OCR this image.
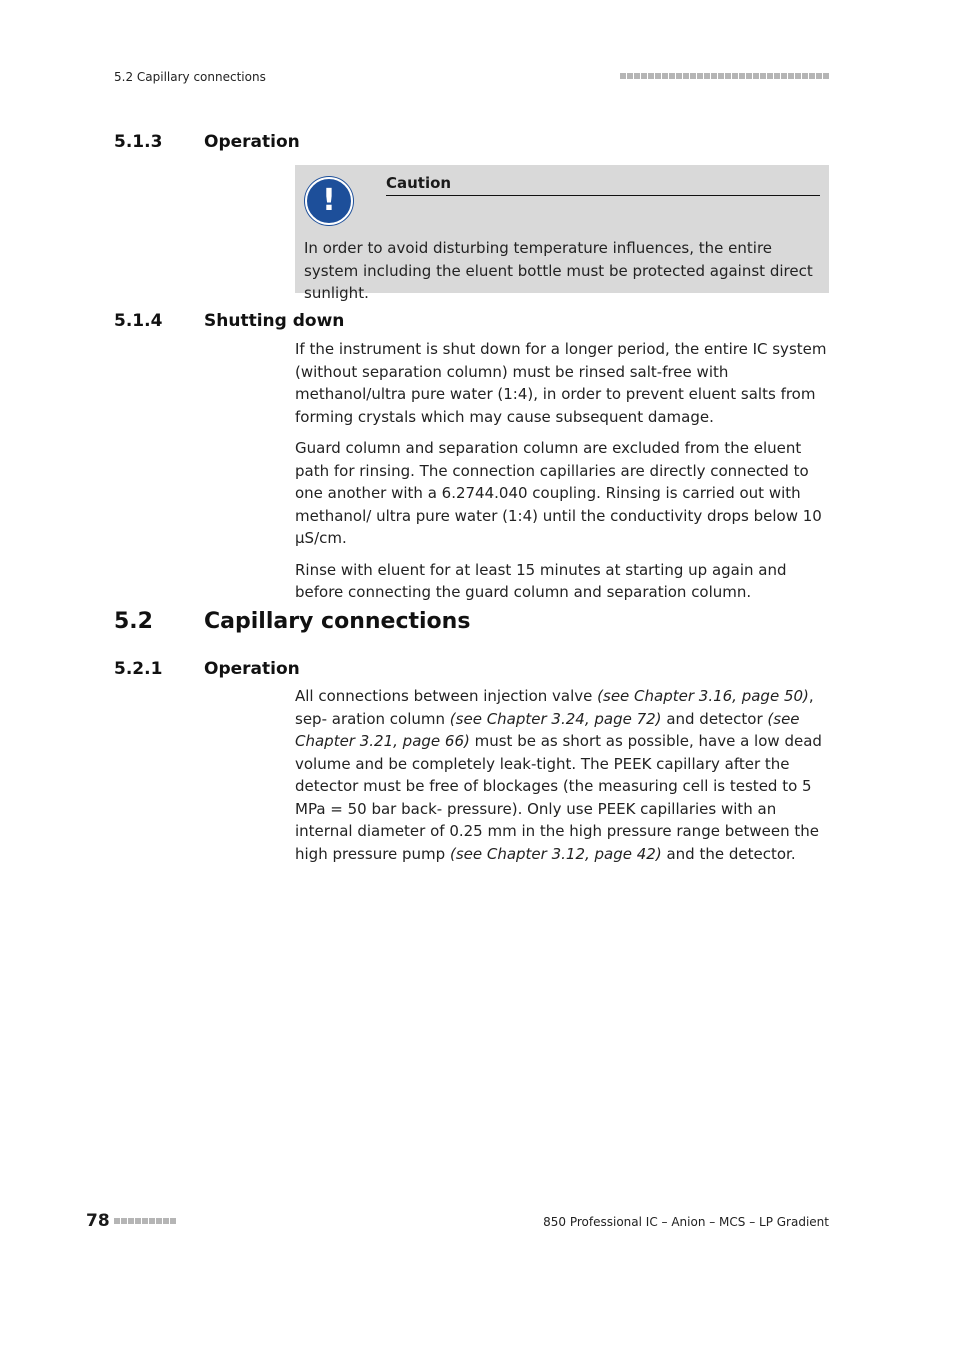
5.2 Capillary connections
5.1.3 Operation
!	Caution
In order to avoid disturbing temperature influences, the entire system including the eluent bottle must be protected against direct sunlight.
5.1.4 Shutting down

If the instrument is shut down for a longer period, the entire IC system (without separation column) must be rinsed salt-free with methanol/ultra pure water (1:4), in order to prevent eluent salts from forming crystals which may cause subsequent damage.

Guard column and separation column are excluded from the eluent path for rinsing. The connection capillaries are directly connected to one another with a 6.2744.040 coupling. Rinsing is carried out with methanol/ ultra pure water (1:4) until the conductivity drops below 10 µS/cm.

Rinse with eluent for at least 15 minutes at starting up again and before connecting the guard column and separation column.

5.2 Capillary connections
5.2.1 Operation

All connections between injection valve (see Chapter 3.16, page 50), sep- aration column (see Chapter 3.24, page 72) and detector (see Chapter 3.21, page 66) must be as short as possible, have a low dead volume and be completely leak-tight. The PEEK capillary after the detector must be free of blockages (the measuring cell is tested to 5 MPa = 50 bar back- pressure). Only use PEEK capillaries with an internal diameter of 0.25 mm in the high pressure range between the high pressure pump (see Chapter 3.12, page 42) and the detector.

78	850 Professional IC – Anion – MCS – LP Gradient
